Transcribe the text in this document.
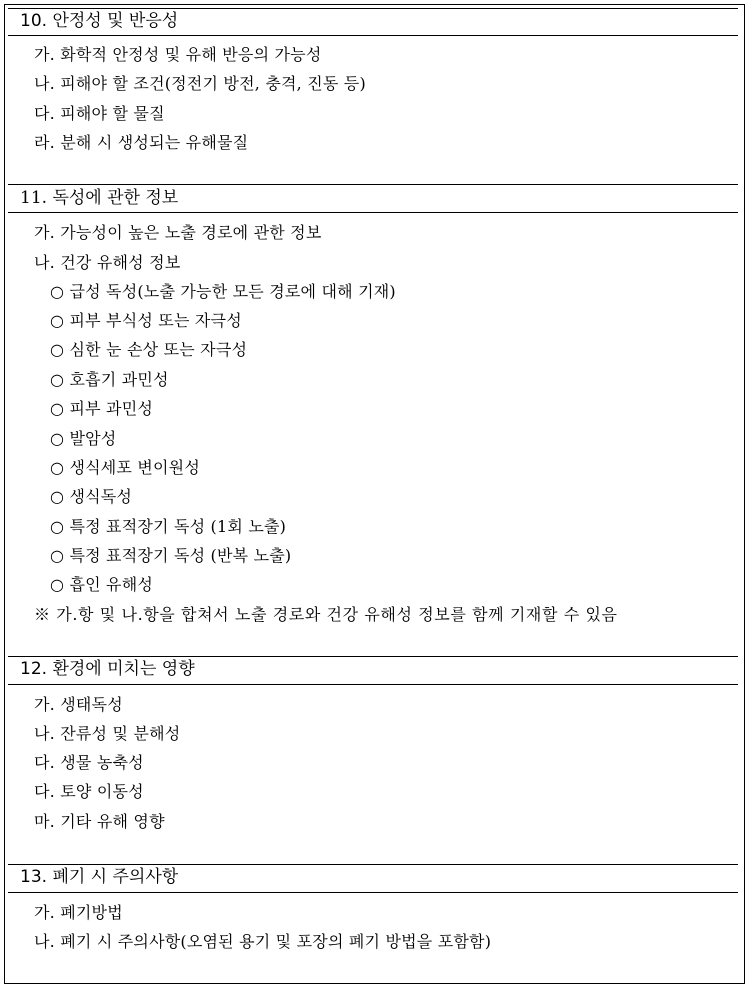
10. 안정성 및 반응성
가. 화학적 안정성 및 유해 반응의 가능성
나. 피해야 할 조건(정전기 방전, 충격, 진동 등)
다. 피해야 할 물질
라. 분해 시 생성되는 유해물질
11. 독성에 관한 정보
가. 가능성이 높은 노출 경로에 관한 정보
나. 건강 유해성 정보
○ 급성 독성(노출 가능한 모든 경로에 대해 기재)
○ 피부 부식성 또는 자극성
○ 심한 눈 손상 또는 자극성
○ 호흡기 과민성
○ 피부 과민성
○ 발암성
○ 생식세포 변이원성
○ 생식독성
○ 특정 표적장기 독성 (1회 노출)
○ 특정 표적장기 독성 (반복 노출)
○ 흡인 유해성
※ 가.항 및 나.항을 합쳐서 노출 경로와 건강 유해성 정보를 함께 기재할 수 있음
12. 환경에 미치는 영향
가. 생태독성
나. 잔류성 및 분해성
다. 생물 농축성
다. 토양 이동성
마. 기타 유해 영향
13. 폐기 시 주의사항
가. 폐기방법
나. 폐기 시 주의사항(오염된 용기 및 포장의 폐기 방법을 포함함)
